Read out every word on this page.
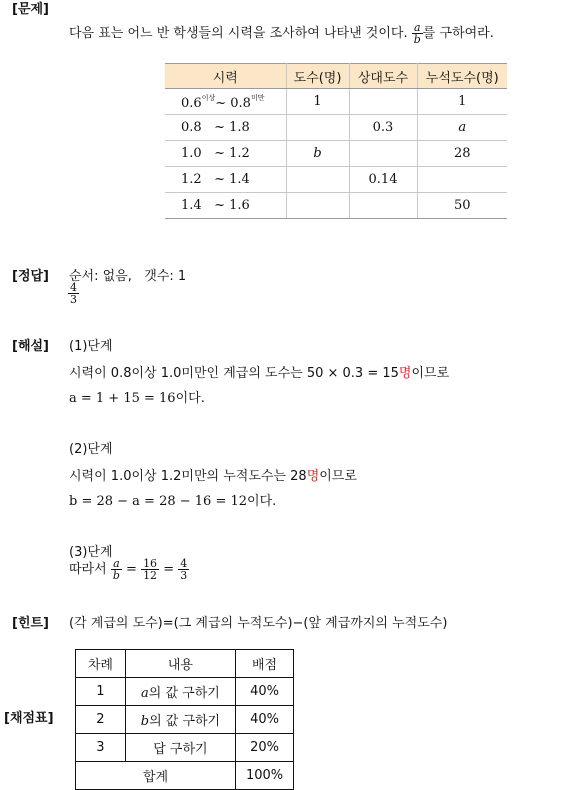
[문제]
다음 표는 어느 반 학생들의 시력을 조사하여 나타낸 것이다. $\frac{a}{b}$ 를 구하여라.
시력	도수(명)	상대도수	누석도수(명)
$0.6^{이상}\sim$ $0.8^{미만}$	1		1
0.8 ~ 1.8		0.3	a
1.0 ~ 1.2	b		28
1.2 ~ 1.4		0.14	
1.4 ~ 1.6			50
[정답] 순서: 없음, 갯수: 1
$\frac{4}{3}$
[해설] (1)단계
시력이 0.8이상 1.0미만인 계급의 도수는 50 × 0.3 = 15명이므로
a = 1 + 15 = 16이다.
(2)단계
시력이 1.0이상 1.2미만의 누적도수는 28명이므로
b = 28 − a = 28 − 16 = 12이다.
(3)단계
따라서 $\frac{a}{b} = \frac{16}{12} = \frac{4}{3}$
[힌트] (각 계급의 도수)=(그 계급의 누적도수)−(앞 계급까지의 누적도수)
[채점표]
차례	내용	배점
1	a의 값 구하기	40%
2	b의 값 구하기	40%
3	답 구하기	20%
합계		100%
